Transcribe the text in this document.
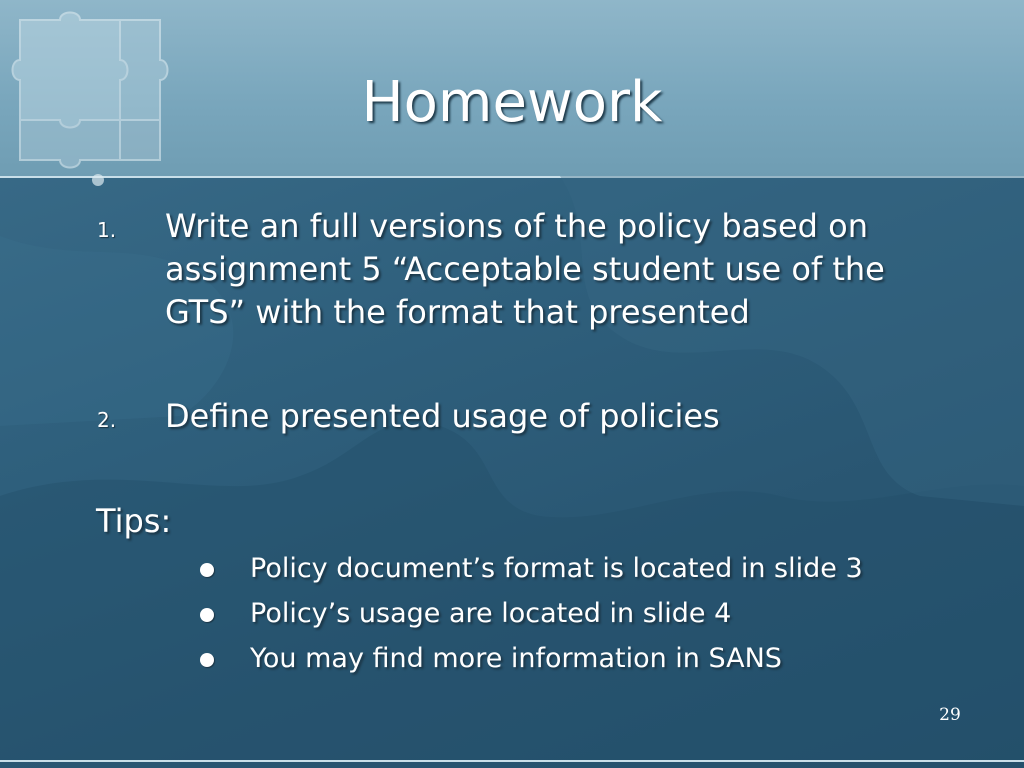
Homework
1. Write an full versions of the policy based on assignment 5 “Acceptable student use of the GTS” with the format that presented
2. Define presented usage of policies
Tips:
Policy document’s format is located in slide 3
Policy’s usage are located in slide 4
You may find more information in SANS
29
